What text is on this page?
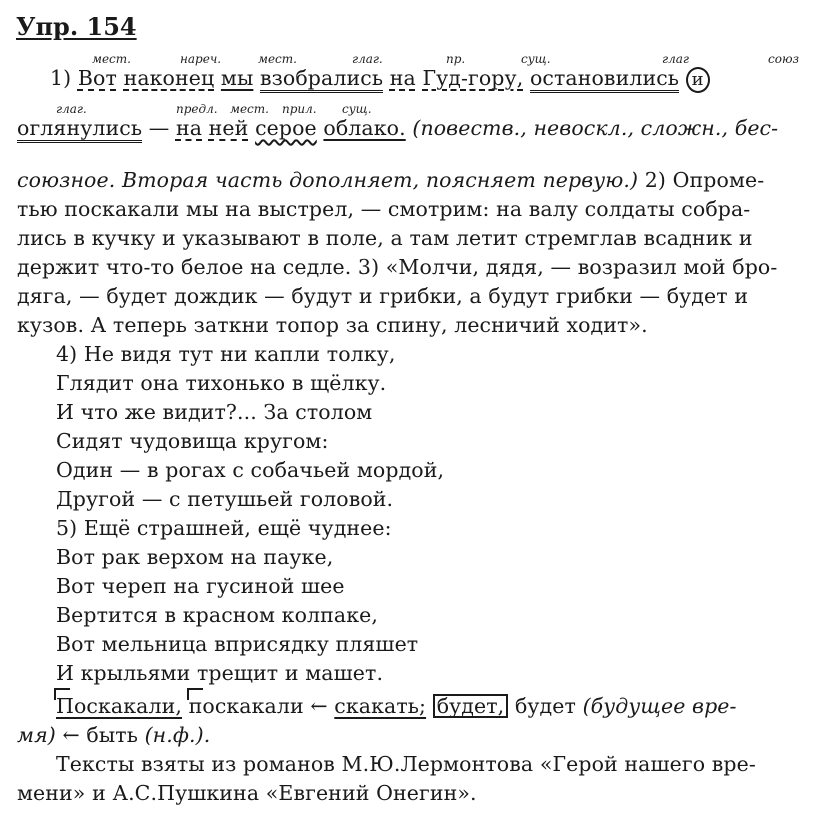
Упр. 154
мест.	нареч.	мест.	глаг.	пр.	сущ.	глаг	союз
1) Вот наконец мы взобрались на Гуд-гору, остановились и
глаг.	предл. мест. прил. сущ.
оглянулись — на ней серое облако. (повеств., невоскл., сложн., бес-
союзное. Вторая часть дополняет, поясняет первую.) 2) Опроме-
тью поскакали мы на выстрел, — смотрим: на валу солдаты собра-
лись в кучку и указывают в поле, а там летит стремглав всадник и
держит что-то белое на седле. 3) «Молчи, дядя, — возразил мой бро-
дяга, — будет дождик — будут и грибки, а будут грибки — будет и
кузов. А теперь заткни топор за спину, лесничий ходит».
4) Не видя тут ни капли толку,
Глядит она тихонько в щёлку.
И что же видит?... За столом
Сидят чудовища кругом:
Один — в рогах с собачьей мордой,
Другой — с петушьей головой.
5) Ещё страшней, ещё чуднее:
Вот рак верхом на пауке,
Вот череп на гусиной шее
Вертится в красном колпаке,
Вот мельница вприсядку пляшет
И крыльями трещит и машет.
Поскакали, поскакали ← скакать; будет, будет (будущее вре-
мя) ← быть (н.ф.).
Тексты взяты из романов М.Ю.Лермонтова «Герой нашего вре-
мени» и А.С.Пушкина «Евгений Онегин».
